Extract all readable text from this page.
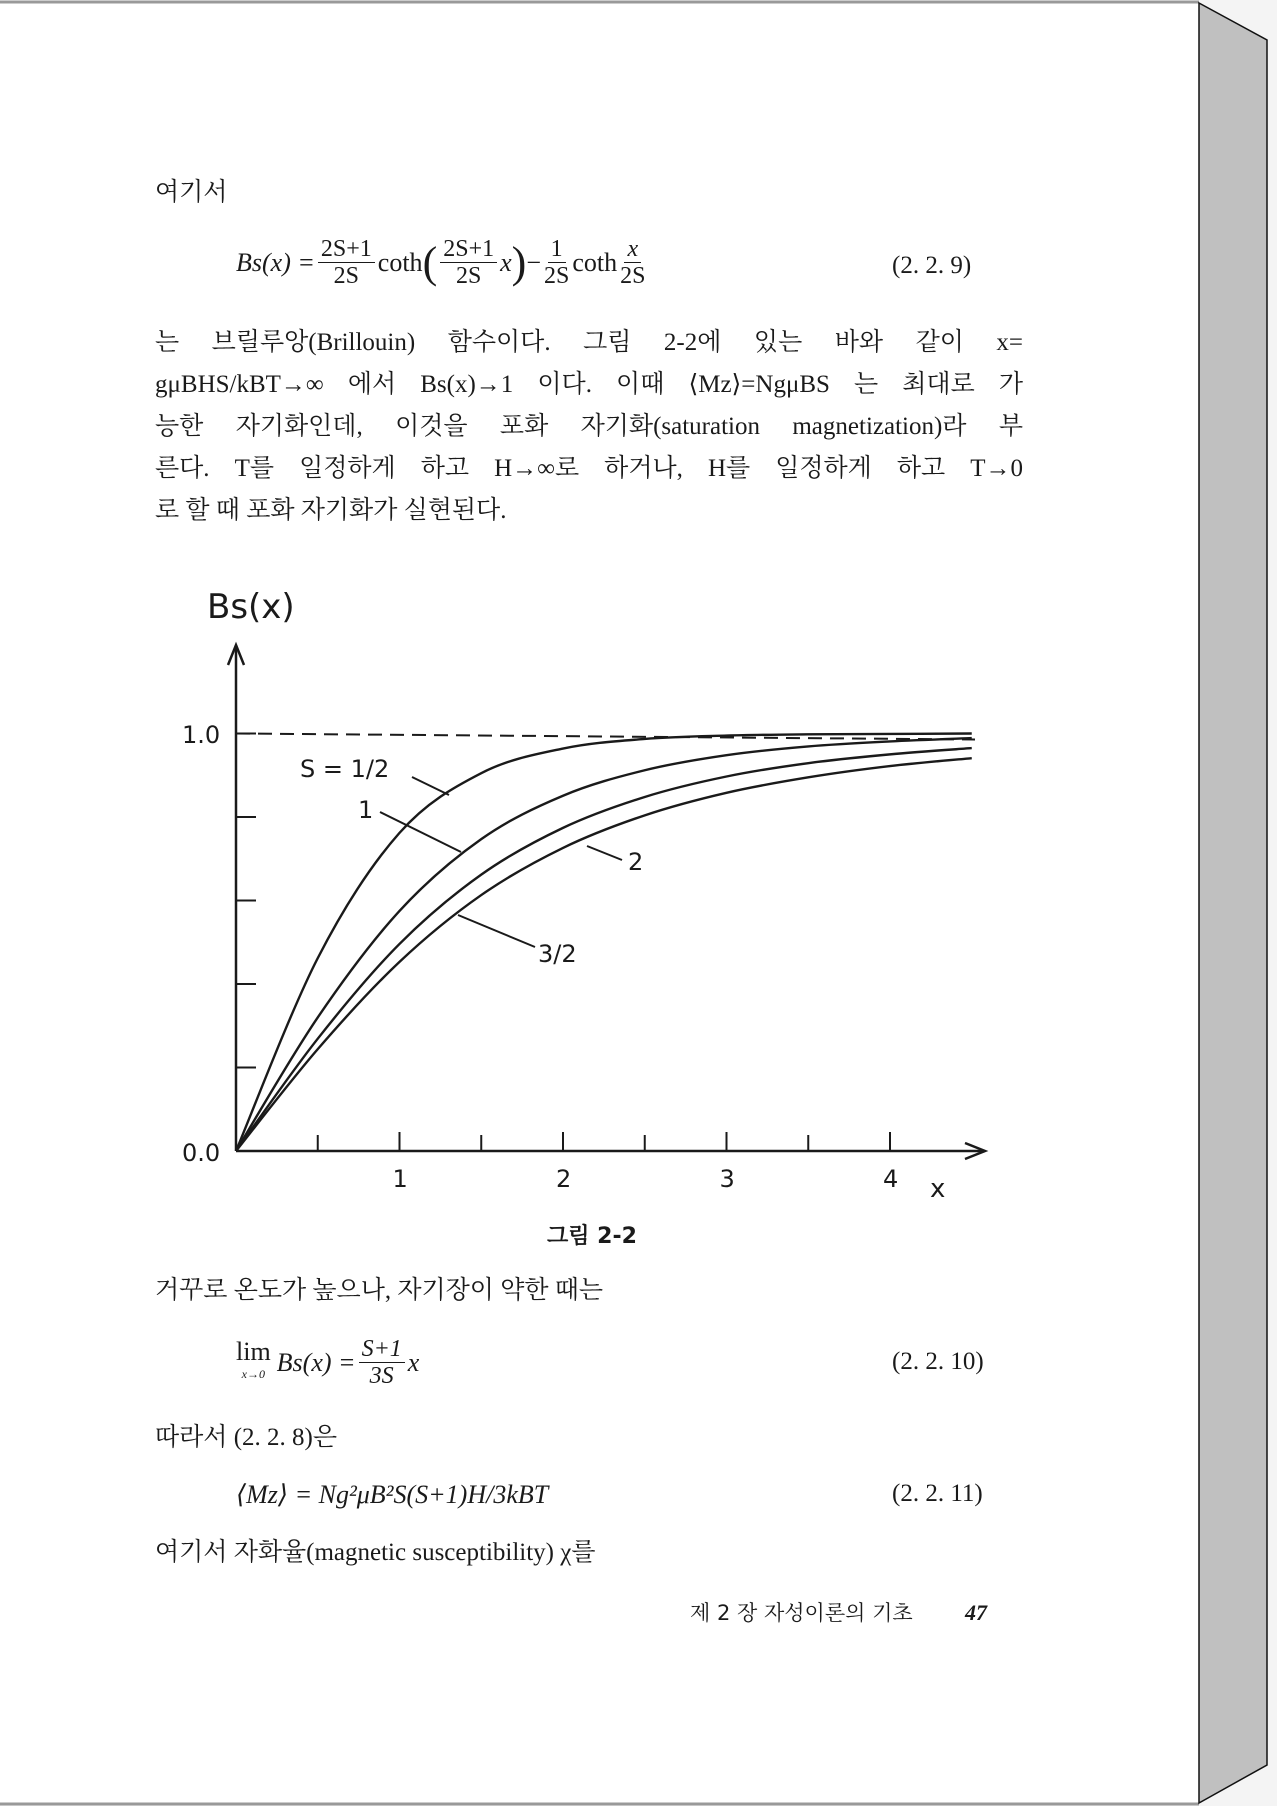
여기서
$Bs(x) = \frac{2S+1}{2S}$ coth ( $\frac{2S+1}{2S}$ x ) − $\frac{1}{2S}$ coth $\frac{x}{2S}$	(2. 2. 9)
는 브릴루앙(Brillouin) 함수이다. 그림 2-2에 있는 바와 같이 x=
gμBHS/kBT→∞ 에서 Bs(x)→1 이다. 이때 ⟨Mz⟩=NgμBS 는 최대로 가
능한 자기화인데, 이것을 포화 자기화(saturation magnetization)라 부
른다. T를 일정하게 하고 H→∞로 하거나, H를 일정하게 하고 T→0
로 할 때 포화 자기화가 실현된다.
Bs(x)
x
1.0
0.0
1	2	3	4
S = 1/2
1
2
3/2
그림 2-2
거꾸로 온도가 높으나, 자기장이 약한 때는
lim
x→0 $Bs(x) = \frac{S+1}{3S}$ x	(2. 2. 10)
따라서 (2. 2. 8)은
⟨Mz⟩ = Ng²μB²S(S+1)H/3kBT	(2. 2. 11)
여기서 자화율(magnetic susceptibility) χ를
제 2 장 자성이론의 기초 47
